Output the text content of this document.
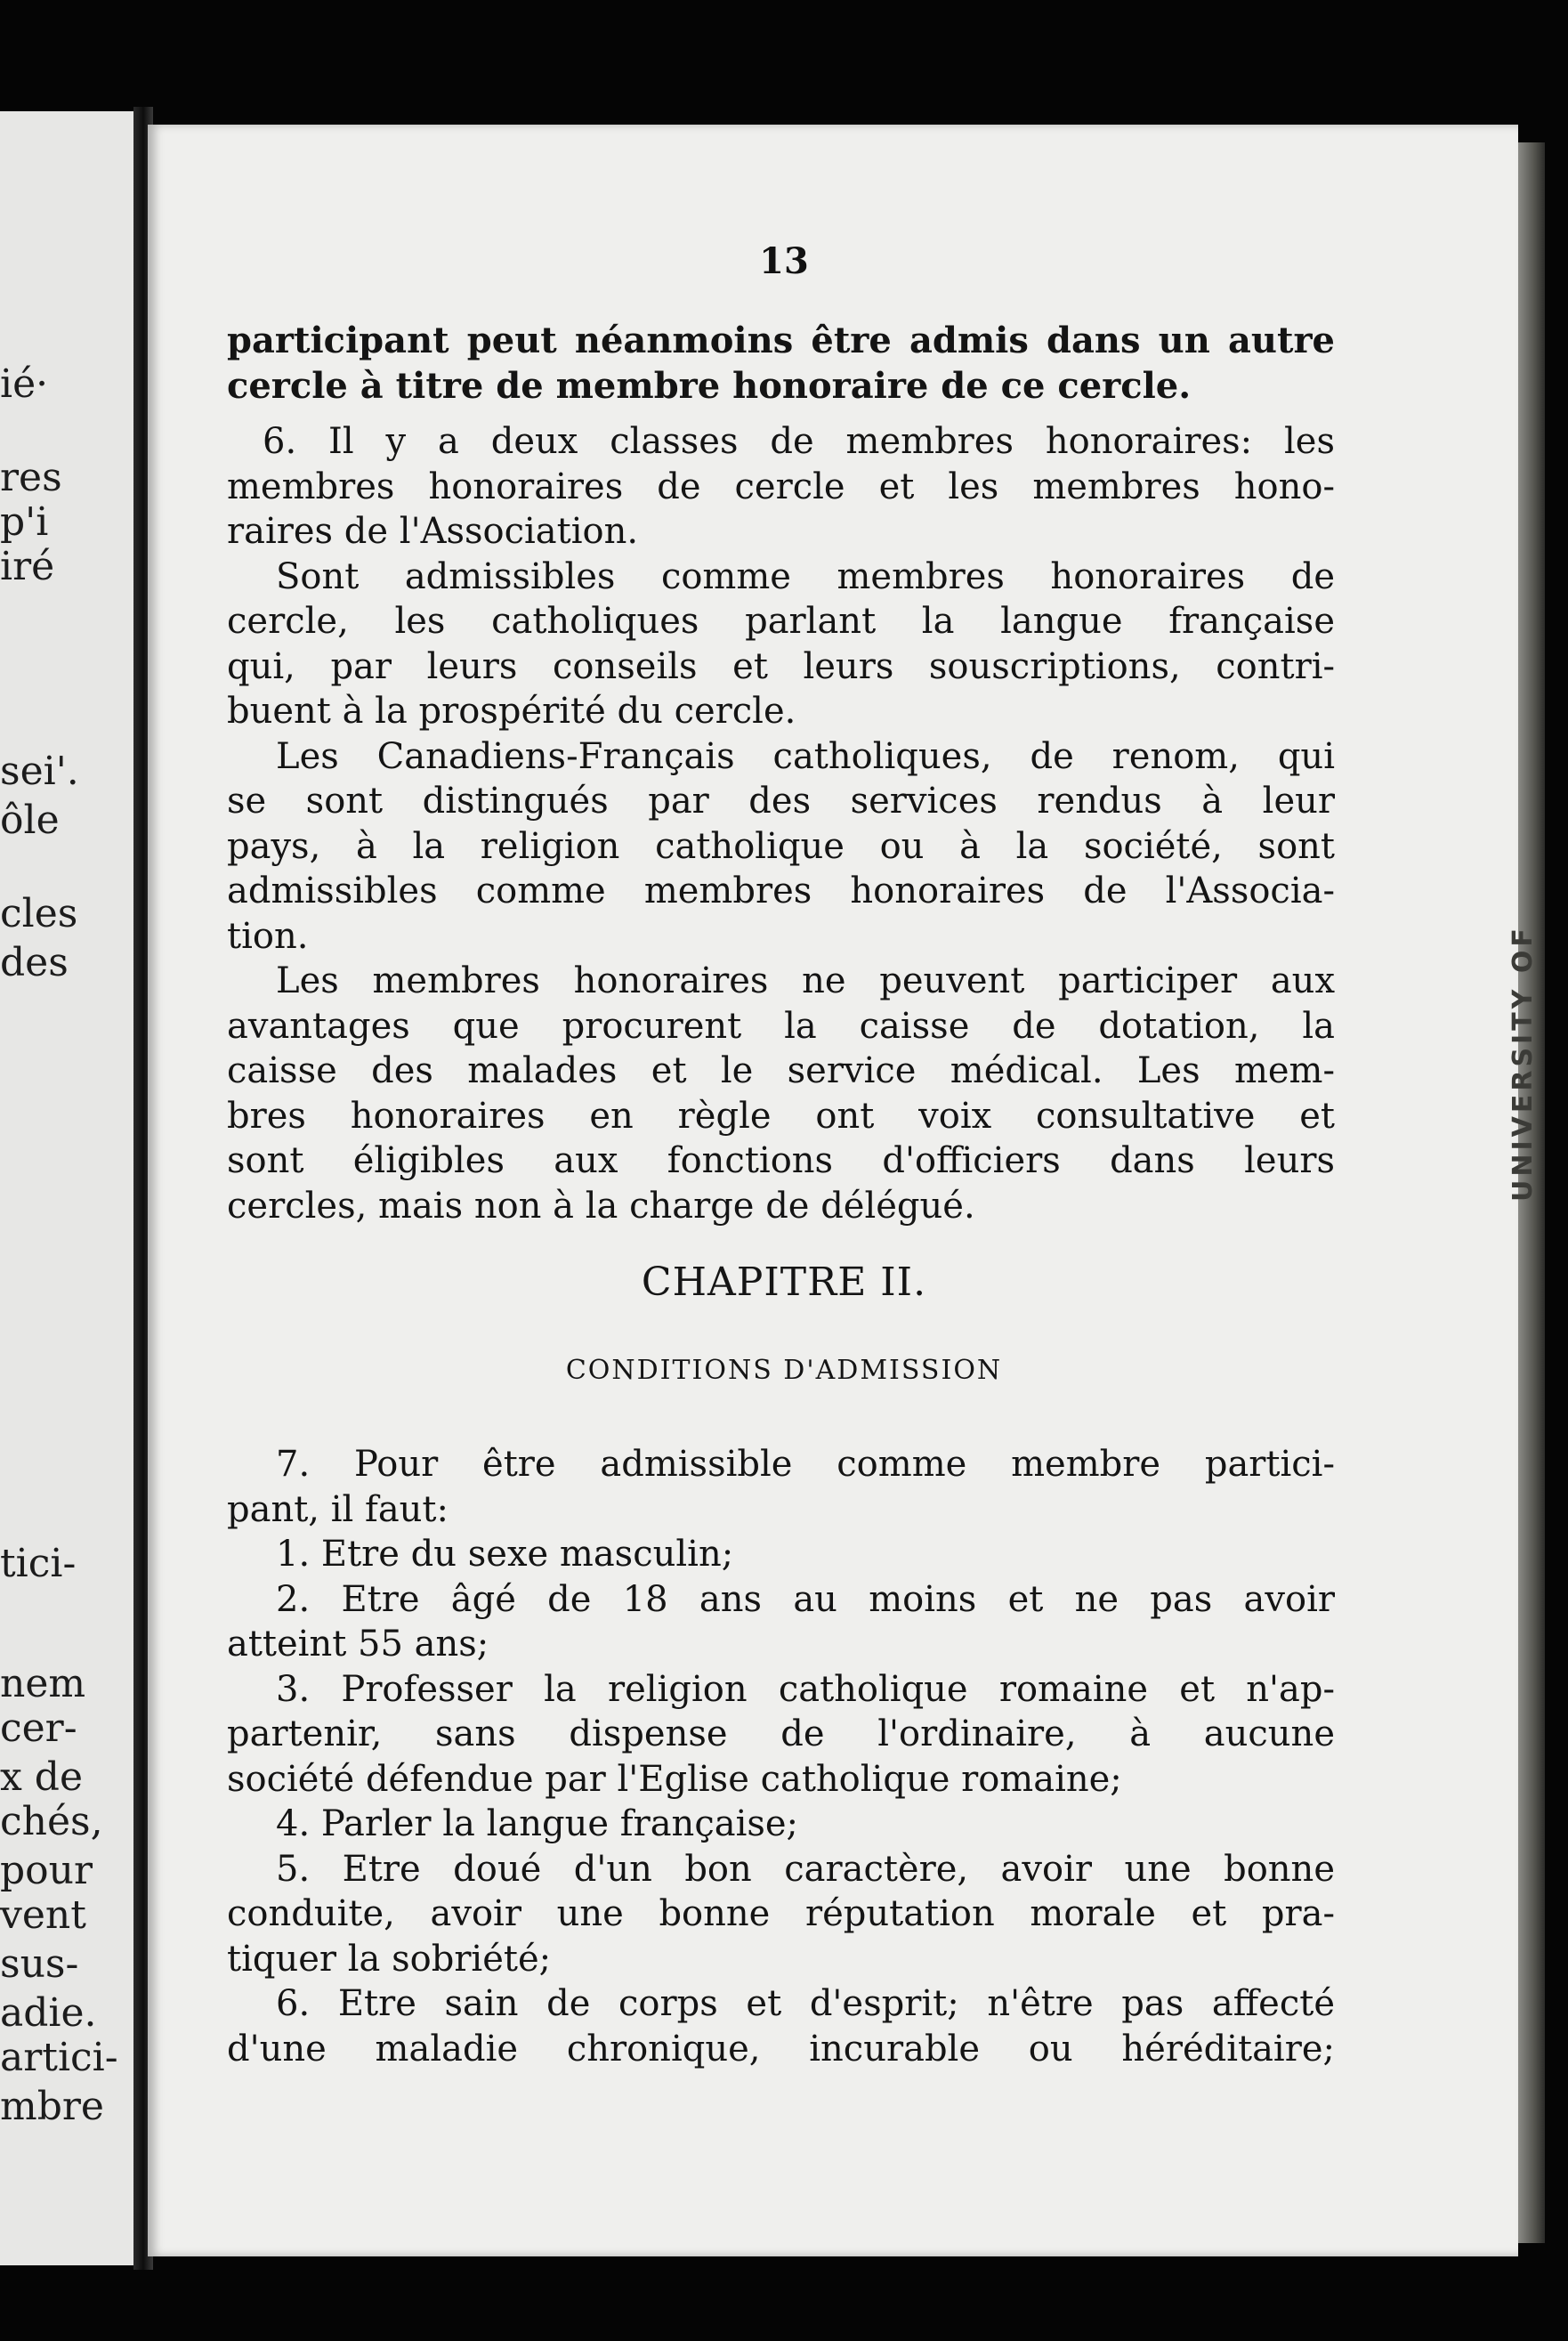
ié·
res
p'i
iré
sei'.
ôle
cles
des
tici-
nem
cer-
x de
chés,
pour
vent
sus-
adie.
artici-
mbre
UNIVERSITY OF
13
participant peut néanmoins être admis dans un autre
cercle à titre de membre honoraire de ce cercle.
6. Il y a deux classes de membres honoraires: les
membres honoraires de cercle et les membres hono-
raires de l'Association.
Sont admissibles comme membres honoraires de
cercle, les catholiques parlant la langue française
qui, par leurs conseils et leurs souscriptions, contri-
buent à la prospérité du cercle.
Les Canadiens-Français catholiques, de renom, qui
se sont distingués par des services rendus à leur
pays, à la religion catholique ou à la société, sont
admissibles comme membres honoraires de l'Associa-
tion.
Les membres honoraires ne peuvent participer aux
avantages que procurent la caisse de dotation, la
caisse des malades et le service médical. Les mem-
bres honoraires en règle ont voix consultative et
sont éligibles aux fonctions d'officiers dans leurs
cercles, mais non à la charge de délégué.
CHAPITRE II.
CONDITIONS D'ADMISSION
7. Pour être admissible comme membre partici-
pant, il faut:
1. Etre du sexe masculin;
2. Etre âgé de 18 ans au moins et ne pas avoir
atteint 55 ans;
3. Professer la religion catholique romaine et n'ap-
partenir, sans dispense de l'ordinaire, à aucune
société défendue par l'Eglise catholique romaine;
4. Parler la langue française;
5. Etre doué d'un bon caractère, avoir une bonne
conduite, avoir une bonne réputation morale et pra-
tiquer la sobriété;
6. Etre sain de corps et d'esprit; n'être pas affecté
d'une maladie chronique, incurable ou héréditaire;
